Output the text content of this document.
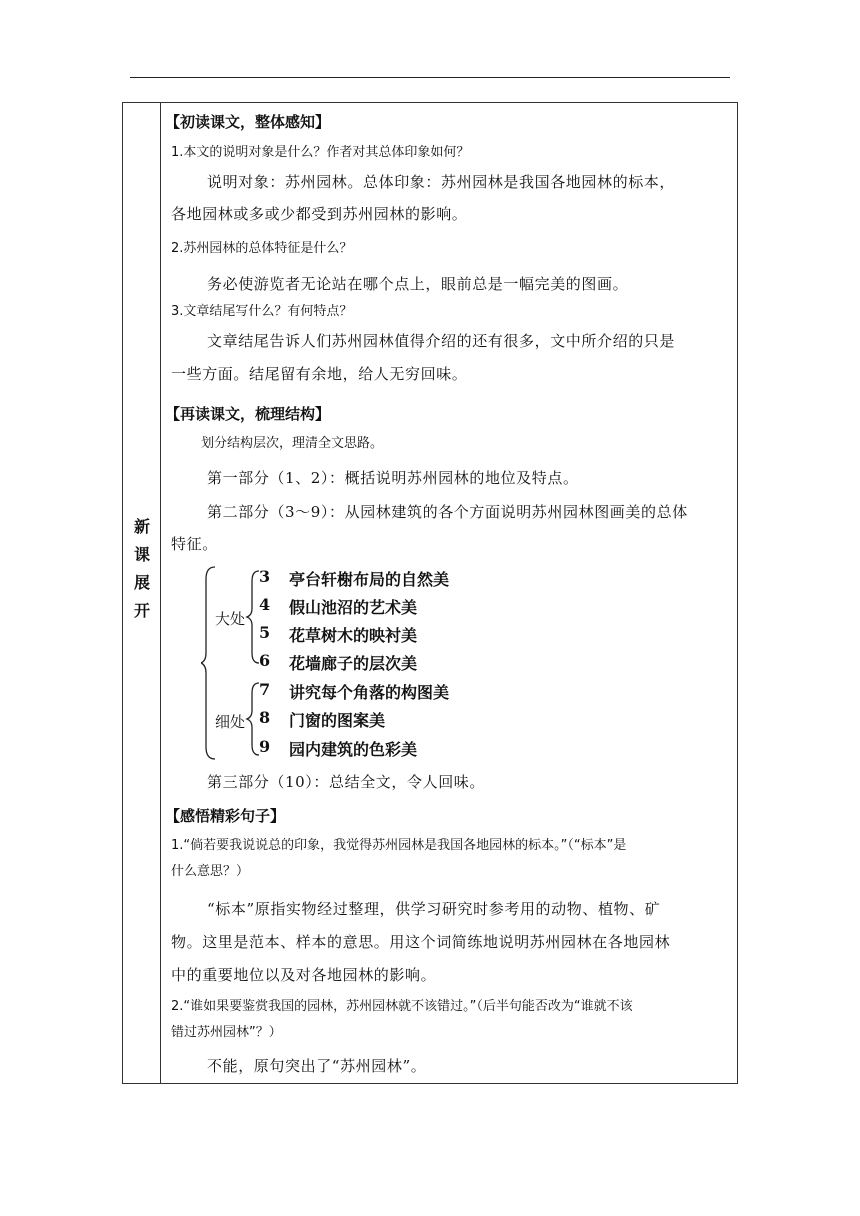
新
课
展
开
【初读课文，整体感知】
1.本文的说明对象是什么？作者对其总体印象如何？
说明对象：苏州园林。总体印象：苏州园林是我国各地园林的标本，
各地园林或多或少都受到苏州园林的影响。
2.苏州园林的总体特征是什么？
务必使游览者无论站在哪个点上，眼前总是一幅完美的图画。
3.文章结尾写什么？有何特点？
文章结尾告诉人们苏州园林值得介绍的还有很多，文中所介绍的只是
一些方面。结尾留有余地，给人无穷回味。
【再读课文，梳理结构】
划分结构层次，理清全文思路。
第一部分（1、2）：概括说明苏州园林的地位及特点。
第二部分（3～9）：从园林建筑的各个方面说明苏州园林图画美的总体
特征。
大处
细处
3 亭台轩榭布局的自然美
4 假山池沼的艺术美
5 花草树木的映衬美
6 花墙廊子的层次美
7 讲究每个角落的构图美
8 门窗的图案美
9 园内建筑的色彩美
第三部分（10）：总结全文，令人回味。
【感悟精彩句子】
1.“倘若要我说说总的印象，我觉得苏州园林是我国各地园林的标本。”（“标本”是
什么意思？）
“标本”原指实物经过整理，供学习研究时参考用的动物、植物、矿
物。这里是范本、样本的意思。用这个词简练地说明苏州园林在各地园林
中的重要地位以及对各地园林的影响。
2.“谁如果要鉴赏我国的园林，苏州园林就不该错过。”（后半句能否改为“谁就不该
错过苏州园林”？）
不能，原句突出了“苏州园林”。
